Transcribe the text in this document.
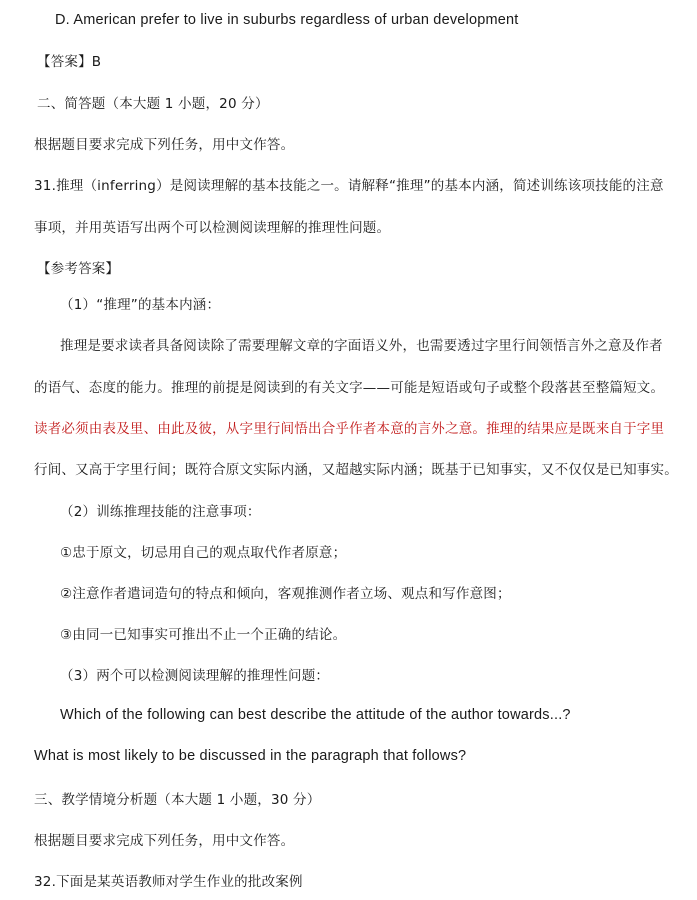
D. American prefer to live in suburbs regardless of urban development
【答案】B
二、简答题（本大题 1 小题，20 分）
根据题目要求完成下列任务，用中文作答。
31.推理（inferring）是阅读理解的基本技能之一。请解释“推理”的基本内涵，简述训练该项技能的注意
事项，并用英语写出两个可以检测阅读理解的推理性问题。
【参考答案】
（1）“推理”的基本内涵：
推理是要求读者具备阅读除了需要理解文章的字面语义外，也需要透过字里行间领悟言外之意及作者
的语气、态度的能力。推理的前提是阅读到的有关文字——可能是短语或句子或整个段落甚至整篇短文。
读者必须由表及里、由此及彼，从字里行间悟出合乎作者本意的言外之意。推理的结果应是既来自于字里
行间、又高于字里行间；既符合原文实际内涵，又超越实际内涵；既基于已知事实，又不仅仅是已知事实。
（2）训练推理技能的注意事项：
①忠于原文，切忌用自己的观点取代作者原意；
②注意作者遣词造句的特点和倾向，客观推测作者立场、观点和写作意图；
③由同一已知事实可推出不止一个正确的结论。
（3）两个可以检测阅读理解的推理性问题：
Which of the following can best describe the attitude of the author towards...?
What is most likely to be discussed in the paragraph that follows?
三、教学情境分析题（本大题 1 小题，30 分）
根据题目要求完成下列任务，用中文作答。
32.下面是某英语教师对学生作业的批改案例
